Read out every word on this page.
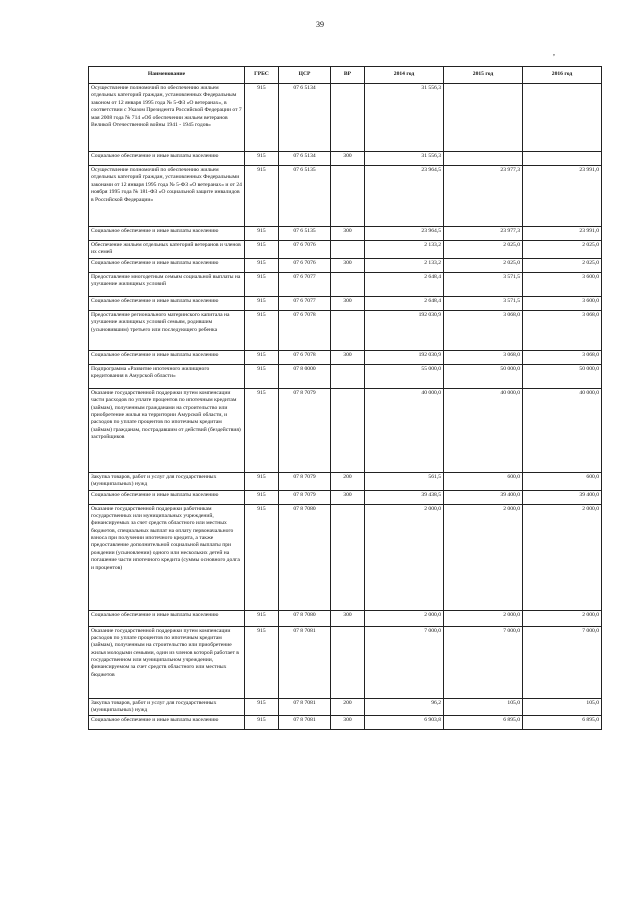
39
,
Наименование	ГРБС	ЦСР	ВР	2014 год	2015 год	2016 год
Осуществление полномочий по обеспечению жильем отдельных категорий граждан, установленных Федеральным законом от 12 января 1995 года № 5-ФЗ «О ветеранах», в соответствии с Указом Президента Российской Федерации от 7 мая 2008 года № 714 «Об обеспечении жильем ветеранов Великой Отечественной войны 1941 - 1945 годов»	915	07 6 5134		31 556,3		
Социальное обеспечение и иные выплаты населению	915	07 6 5134	300	31 556,3		
Осуществление полномочий по обеспечению жильем отдельных категорий граждан, установленных Федеральными законами от 12 января 1995 года № 5-ФЗ «О ветеранах» и от 24 ноября 1995 года № 181-ФЗ «О социальной защите инвалидов в Российской Федерации»	915	07 6 5135		23 964,5	23 977,3	23 991,0
Социальное обеспечение и иные выплаты населению	915	07 6 5135	300	23 964,5	23 977,3	23 991,0
Обеспечение жильем отдельных категорий ветеранов и членов их семей	915	07 6 7076		2 133,2	2 025,0	2 025,0
Социальное обеспечение и иные выплаты населению	915	07 6 7076	300	2 133,2	2 025,0	2 025,0
Предоставление многодетным семьям социальной выплаты на улучшение жилищных условий	915	07 6 7077		2 648,4	3 571,5	3 600,0
Социальное обеспечение и иные выплаты населению	915	07 6 7077	300	2 648,4	3 571,5	3 600,0
Предоставление регионального материнского капитала на улучшение жилищных условий семьям, родившим (усыновившим) третьего или последующего ребенка	915	07 6 7078		192 030,9	3 068,0	3 068,0
Социальное обеспечение и иные выплаты населению	915	07 6 7078	300	192 030,9	3 068,0	3 068,0
Подпрограмма «Развитие ипотечного жилищного кредитования в Амурской области»	915	07 8 0000		55 000,0	50 000,0	50 000,0
Оказание государственной поддержки путем компенсации части расходов по уплате процентов по ипотечным кредитам (займам), полученным гражданами на строительство или приобретение жилья на территории Амурской области, и расходов по уплате процентов по ипотечным кредитам (займам) гражданам, пострадавшим от действий (бездействия) застройщиков	915	07 8 7079		40 000,0	40 000,0	40 000,0
Закупка товаров, работ и услуг для государственных (муниципальных) нужд	915	07 8 7079	200	561,5	600,0	600,0
Социальное обеспечение и иные выплаты населению	915	07 8 7079	300	39 438,5	39 400,0	39 400,0
Оказание государственной поддержки работникам государственных или муниципальных учреждений, финансируемых за счет средств областного или местных бюджетов, специальных выплат на оплату первоначального взноса при получении ипотечного кредита, а также предоставление дополнительной социальной выплаты при рождении (усыновлении) одного или нескольких детей на погашение части ипотечного кредита (суммы основного долга и процентов)	915	07 8 7080		2 000,0	2 000,0	2 000,0
Социальное обеспечение и иные выплаты населению	915	07 8 7080	300	2 000,0	2 000,0	2 000,0
Оказание государственной поддержки путем компенсации расходов по уплате процентов по ипотечным кредитам (займам), полученным на строительство или приобретение жилья молодыми семьями, один из членов которой работает в государственном или муниципальном учреждении, финансируемом за счет средств областного или местных бюджетов	915	07 8 7081		7 000,0	7 000,0	7 000,0
Закупка товаров, работ и услуг для государственных (муниципальных) нужд	915	07 8 7081	200	96,2	105,0	105,0
Социальное обеспечение и иные выплаты населению	915	07 8 7081	300	6 903,8	6 895,0	6 895,0
